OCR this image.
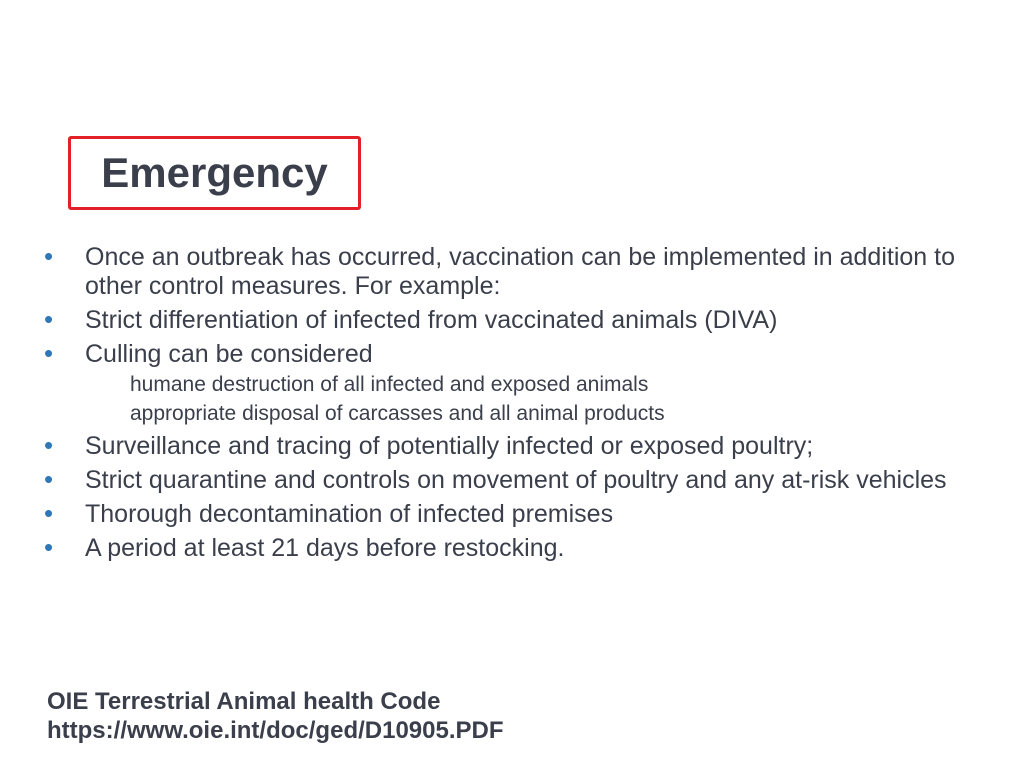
Emergency
• Once an outbreak has occurred, vaccination can be implemented in addition to other control measures. For example:
• Strict differentiation of infected from vaccinated animals (DIVA)
• Culling can be considered
humane destruction of all infected and exposed animals
appropriate disposal of carcasses and all animal products
• Surveillance and tracing of potentially infected or exposed poultry;
• Strict quarantine and controls on movement of poultry and any at-risk vehicles
• Thorough decontamination of infected premises
• A period at least 21 days before restocking.
OIE Terrestrial Animal health Code
https://www.oie.int/doc/ged/D10905.PDF
